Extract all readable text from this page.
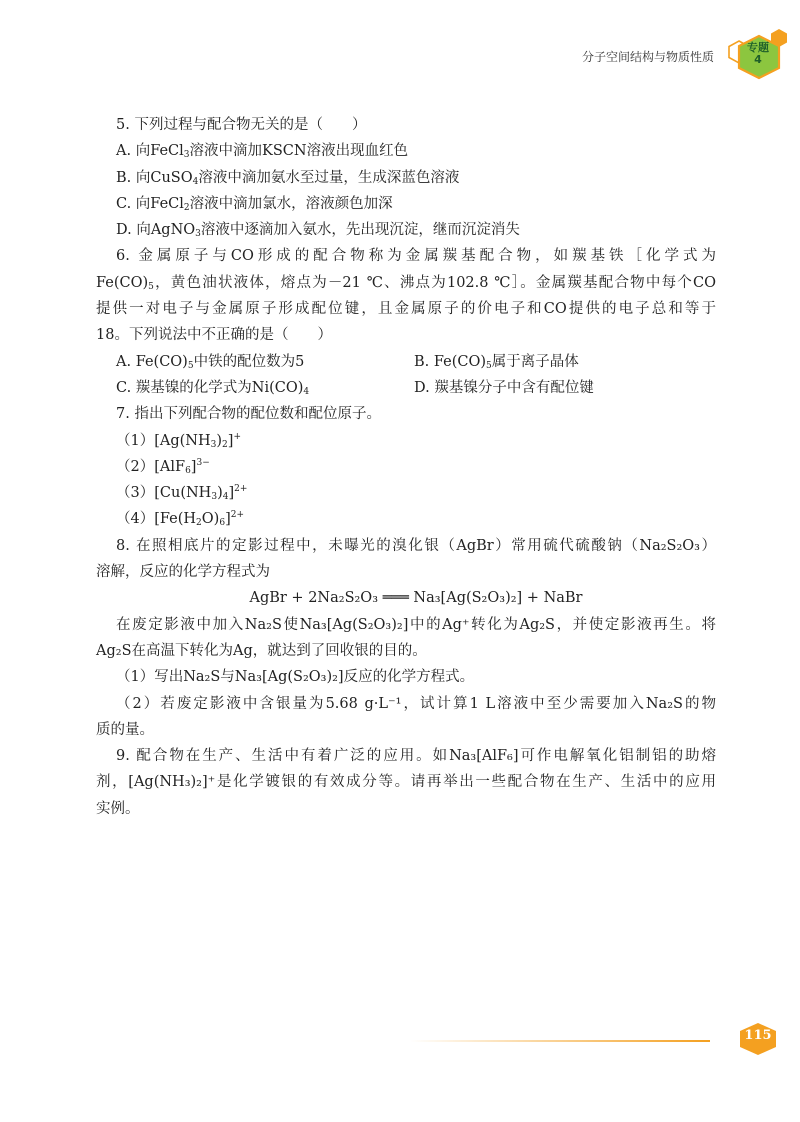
分子空间结构与物质性质
专题
4
5. 下列过程与配合物无关的是（　　）
A. 向FeCl$_3$溶液中滴加KSCN溶液出现血红色
B. 向CuSO$_4$溶液中滴加氨水至过量，生成深蓝色溶液
C. 向FeCl$_2$溶液中滴加氯水，溶液颜色加深
D. 向AgNO$_3$溶液中逐滴加入氨水，先出现沉淀，继而沉淀消失
6. 金属原子与CO形成的配合物称为金属羰基配合物，如羰基铁［化学式为
$Fe(CO)_5$，黄色油状液体，熔点为－21 ℃、沸点为102.8 ℃］。金属羰基配合物中每个CO
提供一对电子与金属原子形成配位键，且金属原子的价电子和CO提供的电子总和等于
18。下列说法中不正确的是（　　）
A. $Fe(CO)_5$中铁的配位数为5	B. $Fe(CO)_5$属于离子晶体
C. 羰基镍的化学式为$Ni(CO)_4$	D. 羰基镍分子中含有配位键
7. 指出下列配合物的配位数和配位原子。
$(1)[Ag(NH_3)_2]^+$
$(2)[AlF_6]^{3-}$
$(3)[Cu(NH_3)_4]^{2+}$
$(4)[Fe(H_2O)_6]^{2+}$
8. 在照相底片的定影过程中，未曝光的溴化银（AgBr）常用硫代硫酸钠（Na₂S₂O₃）
溶解，反应的化学方程式为
AgBr + 2Na₂S₂O₃ ═══ Na₃[Ag(S₂O₃)₂] + NaBr
在废定影液中加入Na₂S使Na₃[Ag(S₂O₃)₂]中的Ag⁺转化为Ag₂S，并使定影液再生。将
Ag₂S在高温下转化为Ag，就达到了回收银的目的。
（1）写出Na₂S与Na₃[Ag(S₂O₃)₂]反应的化学方程式。
（2）若废定影液中含银量为5.68 g·L⁻¹，试计算1 L溶液中至少需要加入Na₂S的物
质的量。
9. 配合物在生产、生活中有着广泛的应用。如Na₃[AlF₆]可作电解氧化铝制铝的助熔
剂，[Ag(NH₃)₂]⁺是化学镀银的有效成分等。请再举出一些配合物在生产、生活中的应用
实例。
115
